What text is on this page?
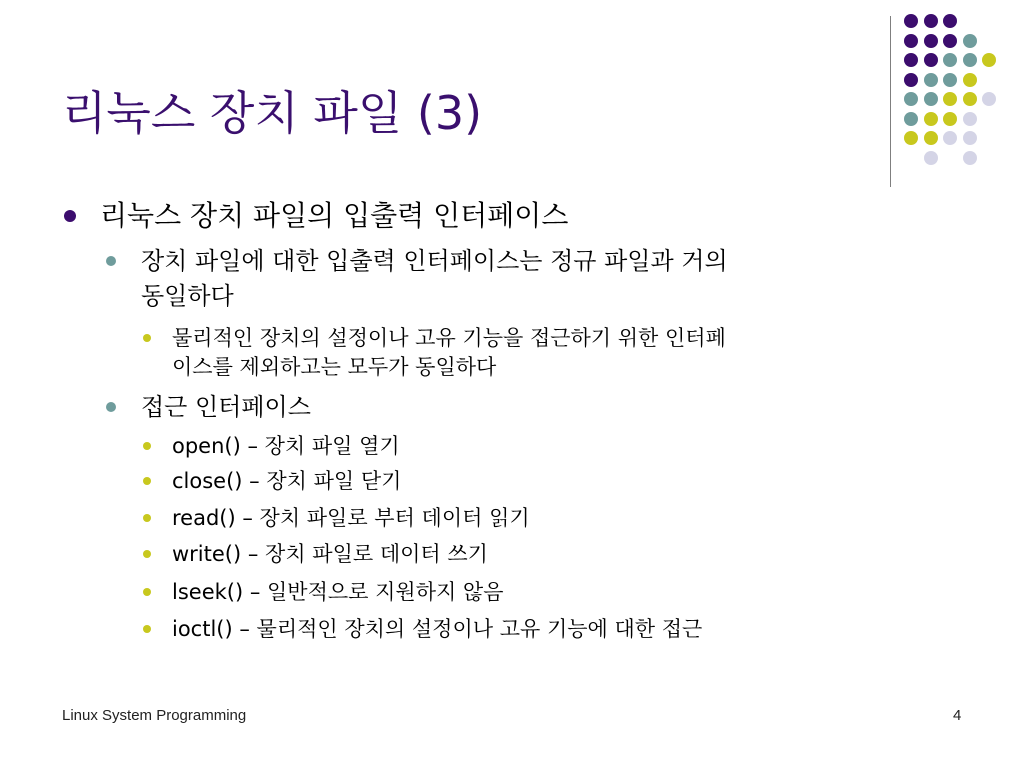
리눅스 장치 파일 (3)
리눅스 장치 파일의 입출력 인터페이스
장치 파일에 대한 입출력 인터페이스는 정규 파일과 거의
동일하다
물리적인 장치의 설정이나 고유 기능을 접근하기 위한 인터페
이스를 제외하고는 모두가 동일하다
접근 인터페이스
open() – 장치 파일 열기
close() – 장치 파일 닫기
read() – 장치 파일로 부터 데이터 읽기
write() – 장치 파일로 데이터 쓰기
lseek() – 일반적으로 지원하지 않음
ioctl() – 물리적인 장치의 설정이나 고유 기능에 대한 접근
Linux System Programming	4
